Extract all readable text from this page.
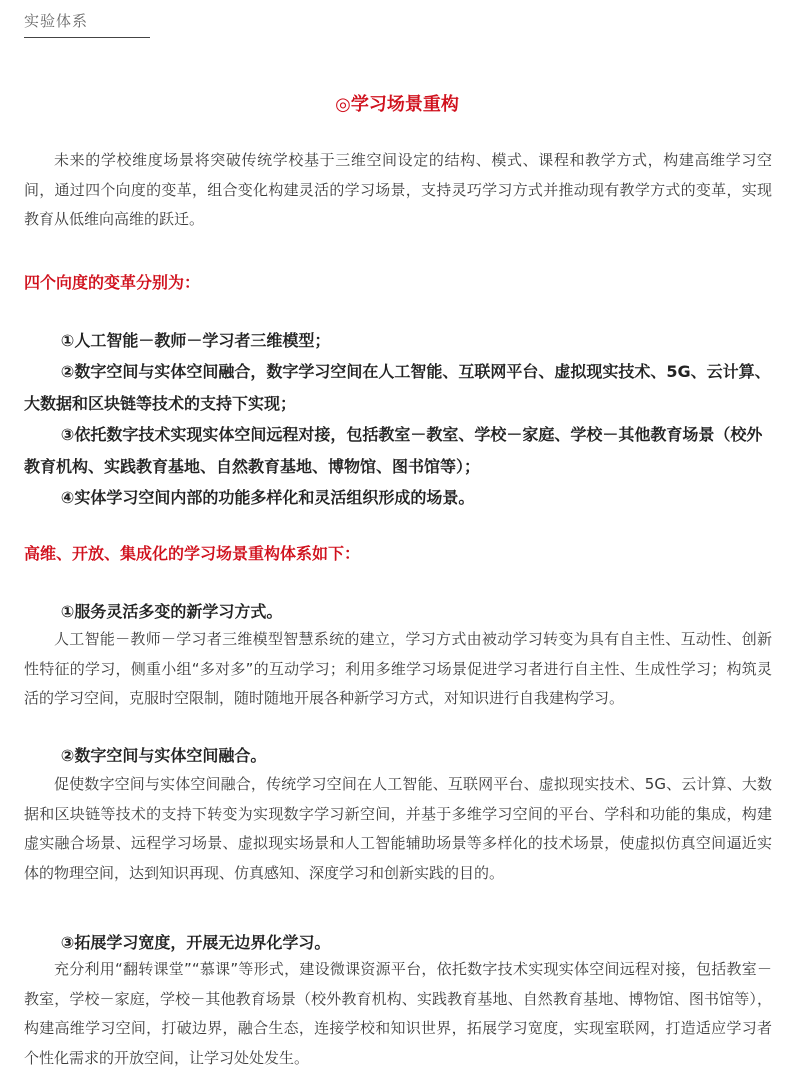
实验体系
◎学习场景重构

未来的学校维度场景将突破传统学校基于三维空间设定的结构、模式、课程和教学方式，构建高维学习空间，通过四个向度的变革，组合变化构建灵活的学习场景，支持灵巧学习方式并推动现有教学方式的变革，实现教育从低维向高维的跃迁。

四个向度的变革分别为：

①人工智能－教师－学习者三维模型；

②数字空间与实体空间融合，数字学习空间在人工智能、互联网平台、虚拟现实技术、5G、云计算、大数据和区块链等技术的支持下实现；

③依托数字技术实现实体空间远程对接，包括教室－教室、学校－家庭、学校－其他教育场景（校外教育机构、实践教育基地、自然教育基地、博物馆、图书馆等）；

④实体学习空间内部的功能多样化和灵活组织形成的场景。

高维、开放、集成化的学习场景重构体系如下：

①服务灵活多变的新学习方式。

人工智能－教师－学习者三维模型智慧系统的建立，学习方式由被动学习转变为具有自主性、互动性、创新性特征的学习，侧重小组“多对多”的互动学习；利用多维学习场景促进学习者进行自主性、生成性学习；构筑灵活的学习空间，克服时空限制，随时随地开展各种新学习方式，对知识进行自我建构学习。

②数字空间与实体空间融合。

促使数字空间与实体空间融合，传统学习空间在人工智能、互联网平台、虚拟现实技术、5G、云计算、大数据和区块链等技术的支持下转变为实现数字学习新空间，并基于多维学习空间的平台、学科和功能的集成，构建虚实融合场景、远程学习场景、虚拟现实场景和人工智能辅助场景等多样化的技术场景，使虚拟仿真空间逼近实体的物理空间，达到知识再现、仿真感知、深度学习和创新实践的目的。

③拓展学习宽度，开展无边界化学习。

充分利用“翻转课堂”“慕课”等形式，建设微课资源平台，依托数字技术实现实体空间远程对接，包括教室－教室，学校－家庭，学校－其他教育场景（校外教育机构、实践教育基地、自然教育基地、博物馆、图书馆等），构建高维学习空间，打破边界，融合生态，连接学校和知识世界，拓展学习宽度，实现室联网，打造适应学习者个性化需求的开放空间，让学习处处发生。
